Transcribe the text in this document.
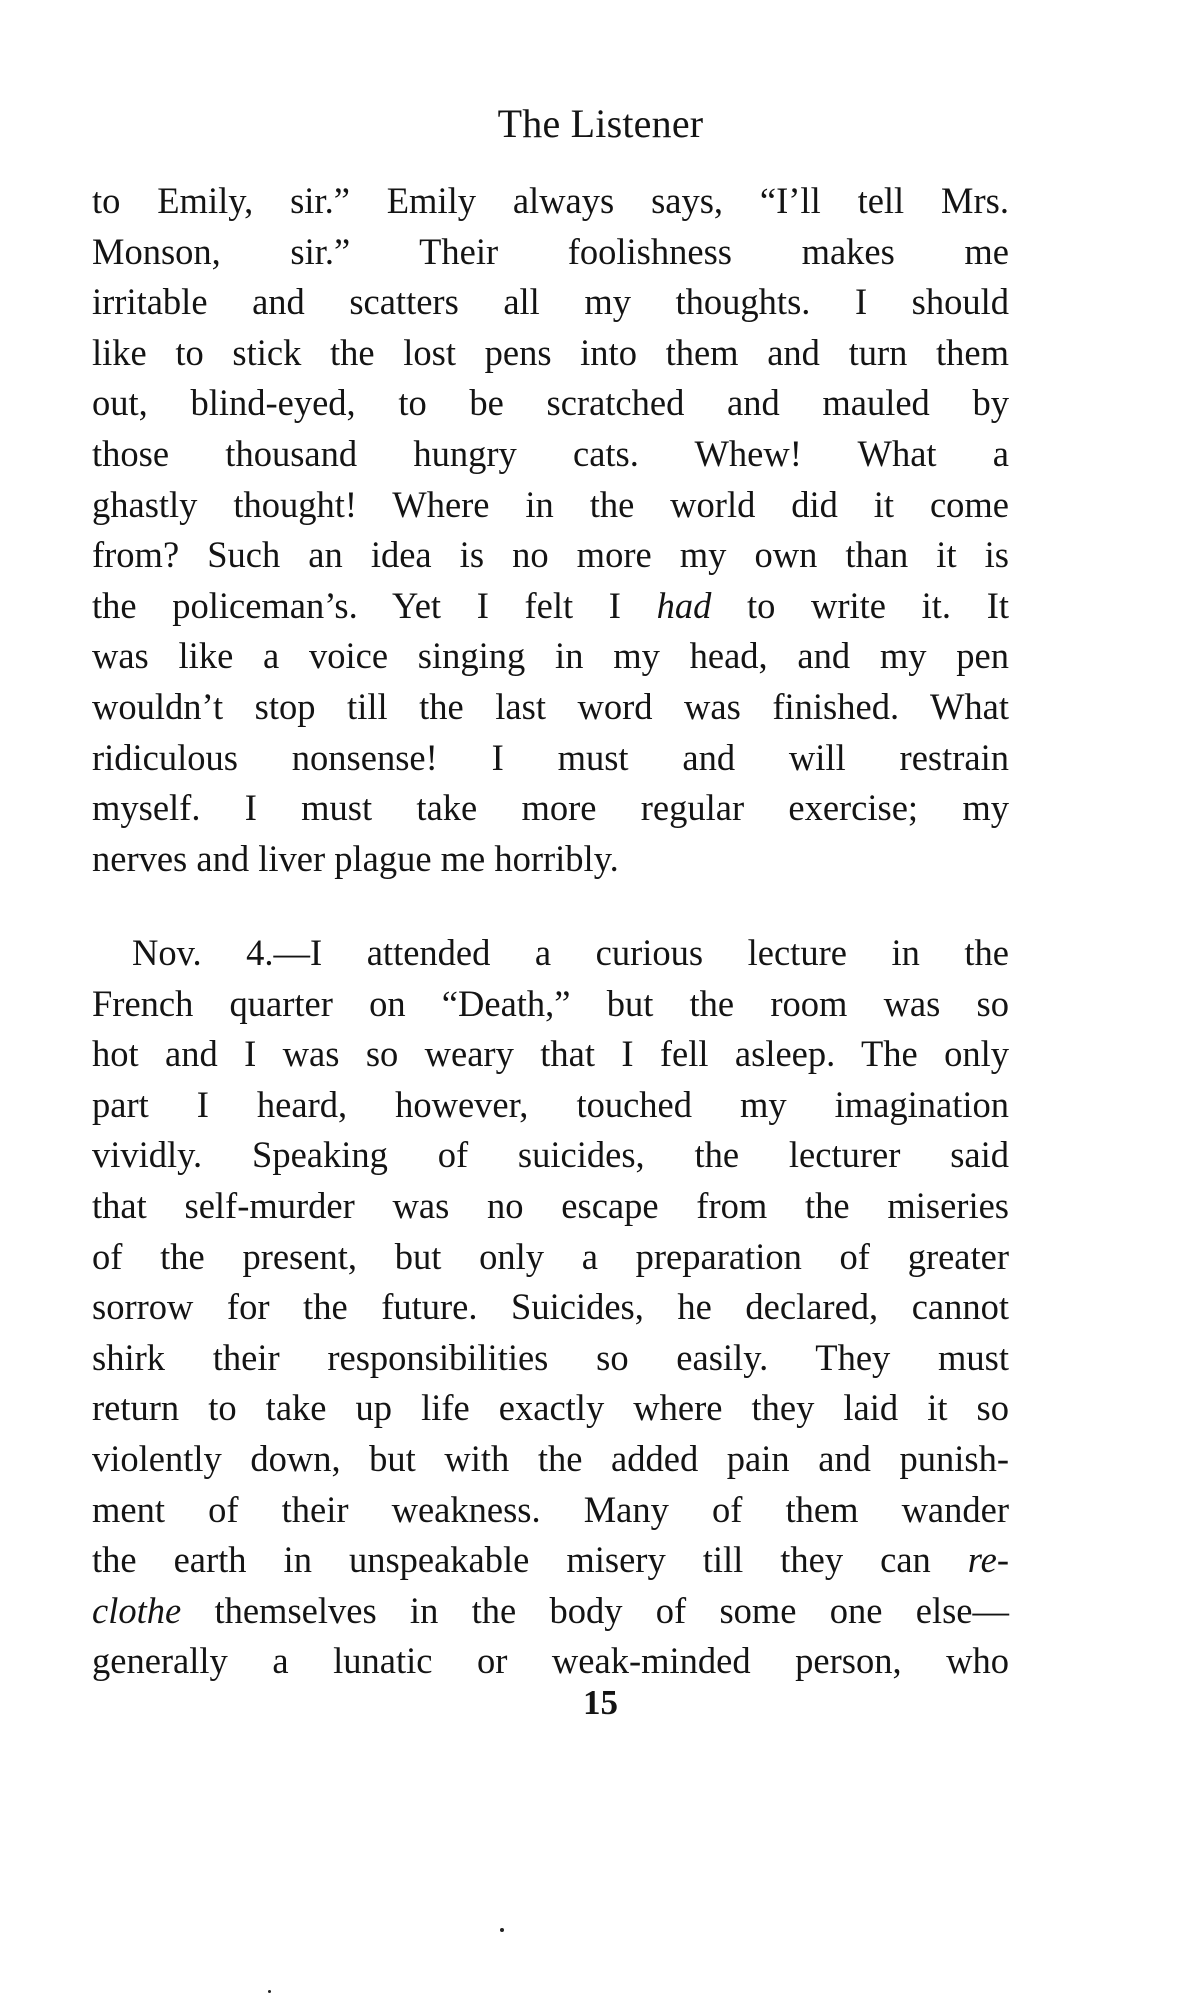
The Listener
to Emily, sir.” Emily always says, “I’ll tell Mrs.
Monson, sir.” Their foolishness makes me
irritable and scatters all my thoughts. I should
like to stick the lost pens into them and turn them
out, blind-eyed, to be scratched and mauled by
those thousand hungry cats. Whew! What a
ghastly thought! Where in the world did it come
from? Such an idea is no more my own than it is
the policeman’s. Yet I felt I had to write it. It
was like a voice singing in my head, and my pen
wouldn’t stop till the last word was finished. What
ridiculous nonsense! I must and will restrain
myself. I must take more regular exercise; my
nerves and liver plague me horribly.
Nov. 4.—I attended a curious lecture in the
French quarter on “Death,” but the room was so
hot and I was so weary that I fell asleep. The only
part I heard, however, touched my imagination
vividly. Speaking of suicides, the lecturer said
that self-murder was no escape from the miseries
of the present, but only a preparation of greater
sorrow for the future. Suicides, he declared, cannot
shirk their responsibilities so easily. They must
return to take up life exactly where they laid it so
violently down, but with the added pain and punish-
ment of their weakness. Many of them wander
the earth in unspeakable misery till they can re-
clothe themselves in the body of some one else—
generally a lunatic or weak-minded person, who
15
